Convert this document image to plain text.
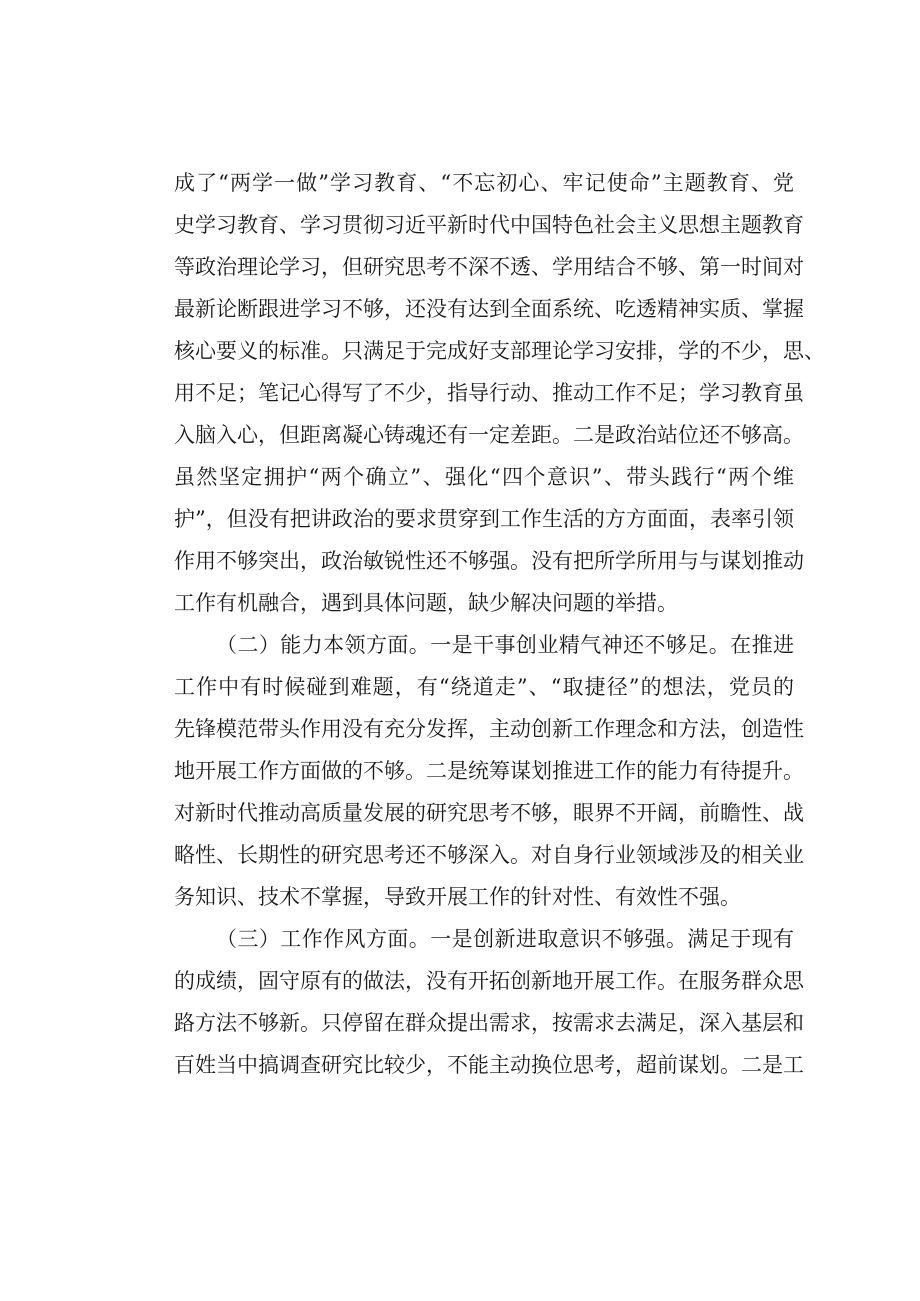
成了“两学一做”学习教育、“不忘初心、牢记使命”主题教育、党
史学习教育、学习贯彻习近平新时代中国特色社会主义思想主题教育
等政治理论学习，但研究思考不深不透、学用结合不够、第一时间对
最新论断跟进学习不够，还没有达到全面系统、吃透精神实质、掌握
核心要义的标准。只满足于完成好支部理论学习安排，学的不少，思、
用不足；笔记心得写了不少，指导行动、推动工作不足；学习教育虽
入脑入心，但距离凝心铸魂还有一定差距。二是政治站位还不够高。
虽然坚定拥护“两个确立”、强化“四个意识”、带头践行“两个维
护”，但没有把讲政治的要求贯穿到工作生活的方方面面，表率引领
作用不够突出，政治敏锐性还不够强。没有把所学所用与与谋划推动
工作有机融合，遇到具体问题，缺少解决问题的举措。
（二）能力本领方面。一是干事创业精气神还不够足。在推进
工作中有时候碰到难题，有“绕道走”、“取捷径”的想法，党员的
先锋模范带头作用没有充分发挥，主动创新工作理念和方法，创造性
地开展工作方面做的不够。二是统筹谋划推进工作的能力有待提升。
对新时代推动高质量发展的研究思考不够，眼界不开阔，前瞻性、战
略性、长期性的研究思考还不够深入。对自身行业领域涉及的相关业
务知识、技术不掌握，导致开展工作的针对性、有效性不强。
（三）工作作风方面。一是创新进取意识不够强。满足于现有
的成绩，固守原有的做法，没有开拓创新地开展工作。在服务群众思
路方法不够新。只停留在群众提出需求，按需求去满足，深入基层和
百姓当中搞调查研究比较少，不能主动换位思考，超前谋划。二是工
